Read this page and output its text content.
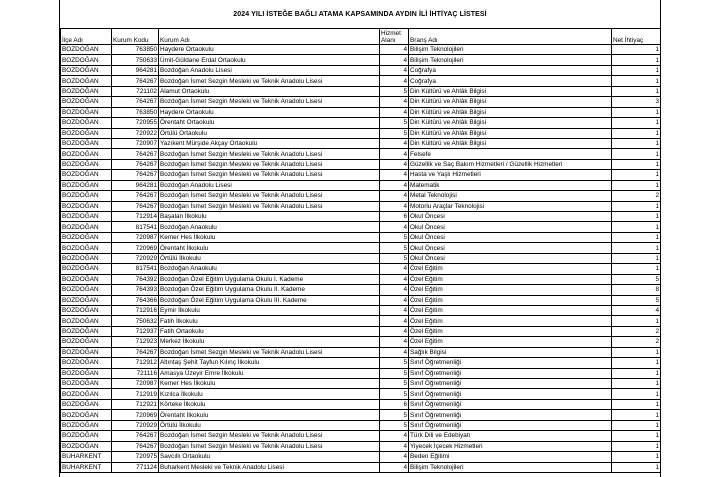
2024 YILI İSTEĞE BAĞLI ATAMA KAPSAMINDA AYDIN İLİ İHTİYAÇ LİSTESİ
İlçe Adı	Kurum Kodu	Kurum Adı	Hizmet Alanı	Branş Adı	Net İhtiyaç
BOZDOĞAN	763850	Haydere Ortaokulu	4	Bilişim Teknolojileri	1
BOZDOĞAN	750633	Ümit-Güldane Erdal Ortaokulu	4	Bilişim Teknolojileri	1
BOZDOĞAN	964281	Bozdoğan Anadolu Lisesi	4	Coğrafya	1
BOZDOĞAN	764267	Bozdoğan İsmet Sezgin Mesleki ve Teknik Anadolu Lisesi	4	Coğrafya	1
BOZDOĞAN	721102	Alamut Ortaokulu	5	Din Kültürü ve Ahlâk Bilgisi	1
BOZDOĞAN	764267	Bozdoğan İsmet Sezgin Mesleki ve Teknik Anadolu Lisesi	4	Din Kültürü ve Ahlâk Bilgisi	3
BOZDOĞAN	763850	Haydere Ortaokulu	4	Din Kültürü ve Ahlâk Bilgisi	1
BOZDOĞAN	720955	Örentaht Ortaokulu	5	Din Kültürü ve Ahlâk Bilgisi	1
BOZDOĞAN	720922	Örtülü Ortaokulu	5	Din Kültürü ve Ahlâk Bilgisi	1
BOZDOĞAN	720907	Yazıkent Mürşide Akçay Ortaokulu	4	Din Kültürü ve Ahlâk Bilgisi	1
BOZDOĞAN	764267	Bozdoğan İsmet Sezgin Mesleki ve Teknik Anadolu Lisesi	4	Felsefe	1
BOZDOĞAN	764267	Bozdoğan İsmet Sezgin Mesleki ve Teknik Anadolu Lisesi	4	Güzellik ve Saç Bakım Hizmetleri / Güzellik Hizmetleri	1
BOZDOĞAN	764267	Bozdoğan İsmet Sezgin Mesleki ve Teknik Anadolu Lisesi	4	Hasta ve Yaşlı Hizmetleri	1
BOZDOĞAN	964281	Bozdoğan Anadolu Lisesi	4	Matematik	1
BOZDOĞAN	764267	Bozdoğan İsmet Sezgin Mesleki ve Teknik Anadolu Lisesi	4	Metal Teknolojisi	2
BOZDOĞAN	764267	Bozdoğan İsmet Sezgin Mesleki ve Teknik Anadolu Lisesi	4	Motorlu Araçlar Teknolojisi	1
BOZDOĞAN	712914	Başalan İlkokulu	6	Okul Öncesi	1
BOZDOĞAN	817541	Bozdoğan Anaokulu	4	Okul Öncesi	1
BOZDOĞAN	720987	Kemer Hes İlkokulu	5	Okul Öncesi	1
BOZDOĞAN	720969	Örentaht İlkokulu	5	Okul Öncesi	1
BOZDOĞAN	720929	Örtülü İlkokulu	5	Okul Öncesi	1
BOZDOĞAN	817541	Bozdoğan Anaokulu	4	Özel Eğitim	1
BOZDOĞAN	764392	Bozdoğan Özel Eğitim Uygulama Okulu I. Kademe	4	Özel Eğitim	5
BOZDOĞAN	764393	Bozdoğan Özel Eğitim Uygulama Okulu II. Kademe	4	Özel Eğitim	8
BOZDOĞAN	764366	Bozdoğan Özel Eğitim Uygulama Okulu III. Kademe	4	Özel Eğitim	5
BOZDOĞAN	712916	Eymir İlkokulu	4	Özel Eğitim	4
BOZDOĞAN	750632	Fatih İlkokulu	4	Özel Eğitim	1
BOZDOĞAN	712937	Fatih Ortaokulu	4	Özel Eğitim	2
BOZDOĞAN	712923	Merkez İlkokulu	4	Özel Eğitim	2
BOZDOĞAN	764267	Bozdoğan İsmet Sezgin Mesleki ve Teknik Anadolu Lisesi	4	Sağlık Bilgisi	1
BOZDOĞAN	712912	Altıntaş Şehit Tayfun Kılınç İlkokulu	5	Sınıf Öğretmenliği	1
BOZDOĞAN	721116	Amasya Üzeyir Emre İlkokulu	5	Sınıf Öğretmenliği	1
BOZDOĞAN	720987	Kemer Hes İlkokulu	5	Sınıf Öğretmenliği	1
BOZDOĞAN	712919	Kızılca İlkokulu	5	Sınıf Öğretmenliği	1
BOZDOĞAN	712921	Körteke İlkokulu	6	Sınıf Öğretmenliği	1
BOZDOĞAN	720969	Örentaht İlkokulu	5	Sınıf Öğretmenliği	1
BOZDOĞAN	720929	Örtülü İlkokulu	5	Sınıf Öğretmenliği	1
BOZDOĞAN	764267	Bozdoğan İsmet Sezgin Mesleki ve Teknik Anadolu Lisesi	4	Türk Dili ve Edebiyatı	1
BOZDOĞAN	764267	Bozdoğan İsmet Sezgin Mesleki ve Teknik Anadolu Lisesi	4	Yiyecek İçecek Hizmetleri	1
BUHARKENT	720975	Savcıllı Ortaokulu	4	Beden Eğitimi	1
BUHARKENT	771124	Buharkent Mesleki ve Teknik Anadolu Lisesi	4	Bilişim Teknolojileri	1
